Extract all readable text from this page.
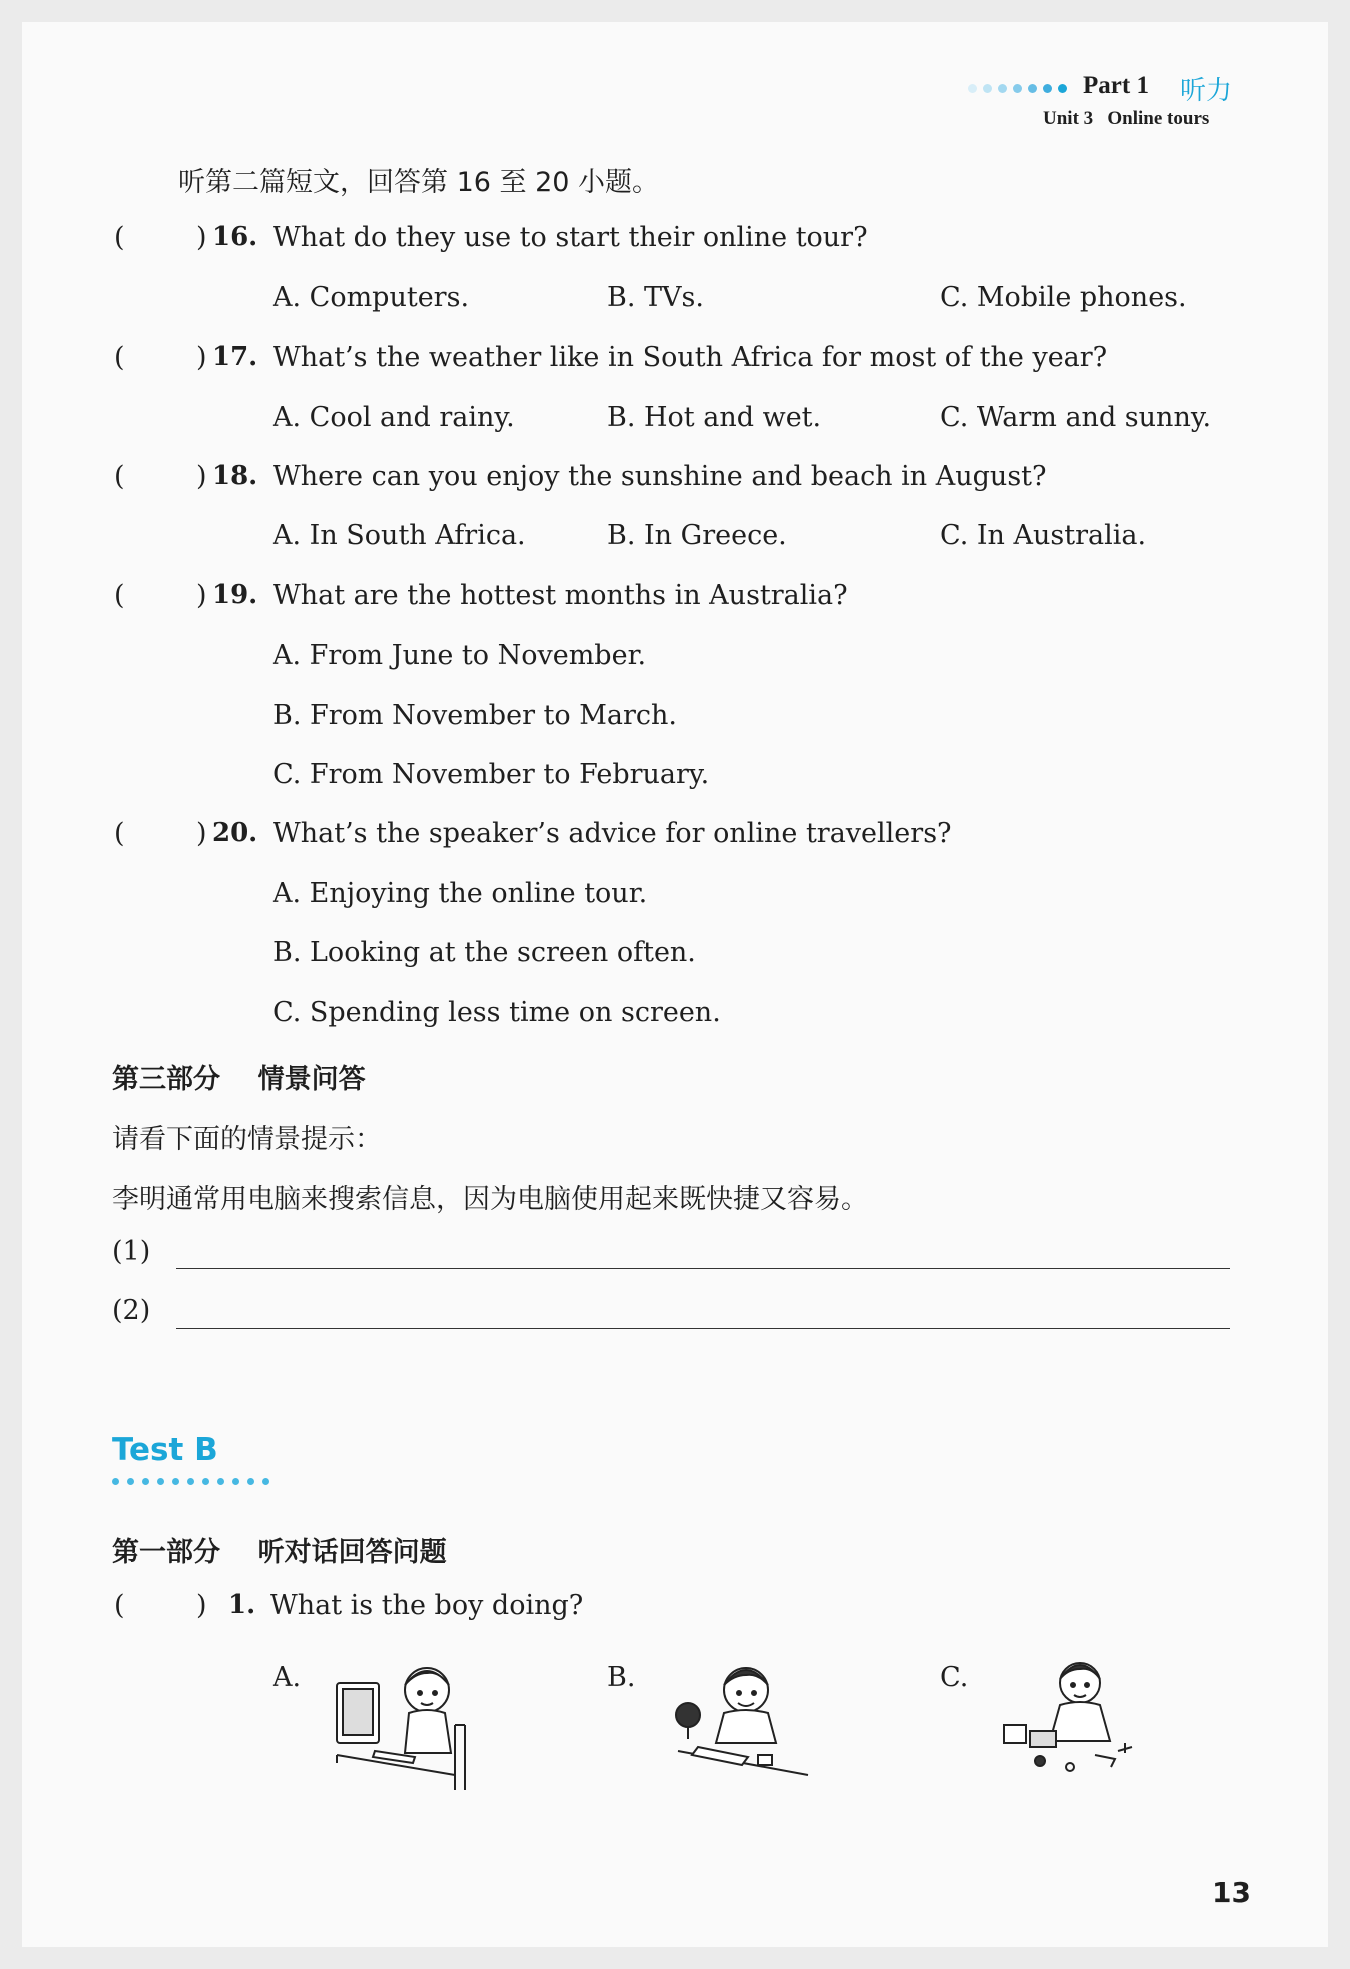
Part 1 听力
Unit 3   Online tours
听第二篇短文，回答第 16 至 20 小题。
(	) 16. What do they use to start their online tour?
A. Computers.	B. TVs.	C. Mobile phones.
(	) 17. What’s the weather like in South Africa for most of the year?
A. Cool and rainy.	B. Hot and wet.	C. Warm and sunny.
(	) 18. Where can you enjoy the sunshine and beach in August?
A. In South Africa.	B. In Greece.	C. In Australia.
(	) 19. What are the hottest months in Australia?
A. From June to November.
B. From November to March.
C. From November to February.
(	) 20. What’s the speaker’s advice for online travellers?
A. Enjoying the online tour.
B. Looking at the screen often.
C. Spending less time on screen.
第三部分    情景问答
请看下面的情景提示：
李明通常用电脑来搜索信息，因为电脑使用起来既快捷又容易。
(1)
(2)
Test B
第一部分    听对话回答问题
(	) 1. What is the boy doing?
A.	B.	C.
13
